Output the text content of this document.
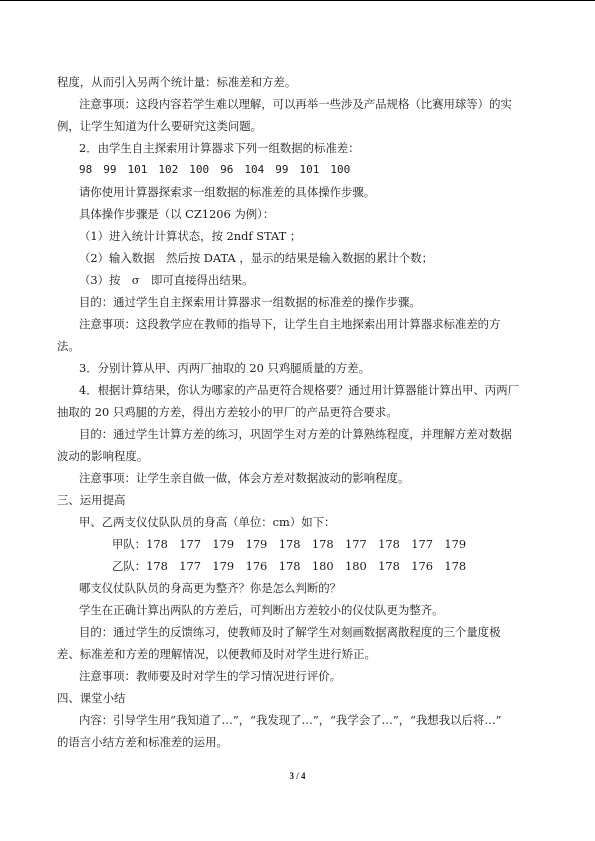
程度，从而引入另两个统计量：标准差和方差。

注意事项：这段内容若学生难以理解，可以再举一些涉及产品规格（比赛用球等）的实

例，让学生知道为什么要研究这类问题。

2．由学生自主探索用计算器求下列一组数据的标准差：

98　99　101　102　100　96　104　99　101　100

请你使用计算器探索求一组数据的标准差的具体操作步骤。

具体操作步骤是（以 CZ1206 为例）：

（1）进入统计计算状态，按 2ndf STAT ；

（2）输入数据　然后按 DATA ，显示的结果是输入数据的累计个数；

（3）按　σ　即可直接得出结果。

目的：通过学生自主探索用计算器求一组数据的标准差的操作步骤。

注意事项：这段教学应在教师的指导下，让学生自主地探索出用计算器求标准差的方

法。

3．分别计算从甲、丙两厂抽取的 20 只鸡腿质量的方差。

4．根据计算结果，你认为哪家的产品更符合规格要？通过用计算器能计算出甲、丙两厂

抽取的 20 只鸡腿的方差，得出方差较小的甲厂的产品更符合要求。

目的：通过学生计算方差的练习，巩固学生对方差的计算熟练程度，并理解方差对数据

波动的影响程度。

注意事项：让学生亲自做一做，体会方差对数据波动的影响程度。

三、运用提高

甲、乙两支仪仗队队员的身高（单位：cm）如下：

甲队：178　177　179　179　178　178　177　178　177　179

乙队：178　177　179　176　178　180　180　178　176　178

哪支仪仗队队员的身高更为整齐？你是怎么判断的？

学生在正确计算出两队的方差后，可判断出方差较小的仪仗队更为整齐。

目的：通过学生的反馈练习，使教师及时了解学生对刻画数据离散程度的三个量度极

差、标准差和方差的理解情况，以便教师及时对学生进行矫正。

注意事项：教师要及时对学生的学习情况进行评价。

四、课堂小结

内容：引导学生用“我知道了…”，“我发现了…”，“我学会了…”，“我想我以后将…”

的语言小结方差和标准差的运用。

3 / 4
